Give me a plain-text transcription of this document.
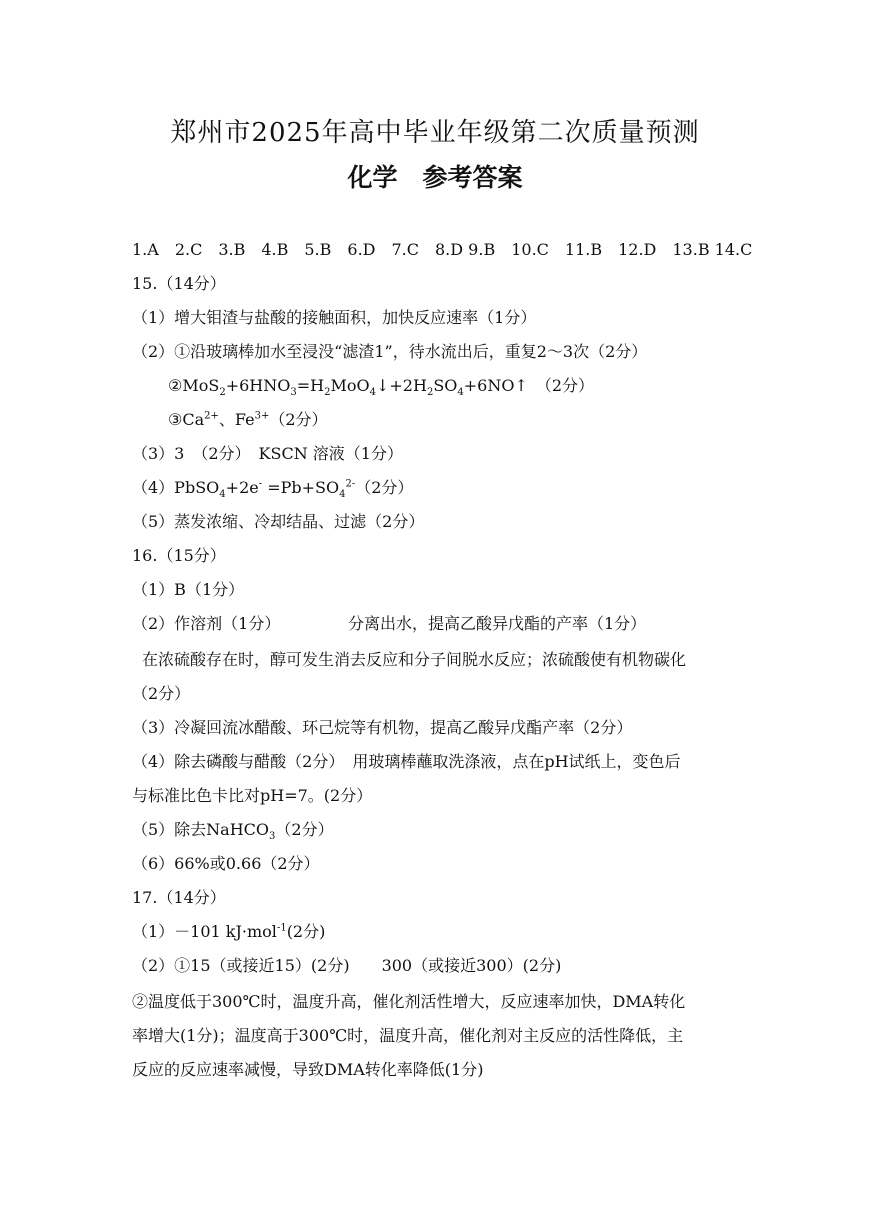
郑州市2025年高中毕业年级第二次质量预测
化学　参考答案
1.A　2.C　3.B　4.B　5.B　6.D　7.C　8.D 9.B　10.C　11.B　12.D　13.B 14.C
15.（14分）
（1）增大钼渣与盐酸的接触面积，加快反应速率（1分）
（2）①沿玻璃棒加水至浸没“滤渣1”，待水流出后，重复2～3次（2分）
$②MoS_2+6HNO_3=H_2MoO_4↓+2H_2SO_4+6NO↑$　（2分）
$③Ca^{2+}$、$Fe^{3+}(2$分）
（3）3　（2分）　KSCN 溶液（1分）
（4）PbSO$_4$+2e- $=Pb+SO_4^{2-}(2$分）
（5）蒸发浓缩、冷却结晶、过滤（2分）
16.（15分）
（1）B（1分）
（2）作溶剂（1分）	分离出水，提高乙酸异戊酯的产率（1分）
在浓硫酸存在时，醇可发生消去反应和分子间脱水反应；浓硫酸使有机物碳化
（2分）
（3）冷凝回流冰醋酸、环己烷等有机物，提高乙酸异戊酯产率（2分）
（4）除去磷酸与醋酸（2分）　用玻璃棒蘸取洗涤液，点在pH试纸上，变色后
与标准比色卡比对pH=7。(2分）
（5）除去NaHCO$_3$（2分）
（6）66%或0.66（2分）
17.（14分）
（1）－101 kJ·mol$^{-1}$(2分)
（2）①15（或接近15）(2分)　　300（或接近300）(2分)
②温度低于300℃时，温度升高，催化剂活性增大，反应速率加快，DMA转化
率增大(1分)；温度高于300℃时，温度升高，催化剂对主反应的活性降低，主
反应的反应速率减慢，导致DMA转化率降低(1分)
